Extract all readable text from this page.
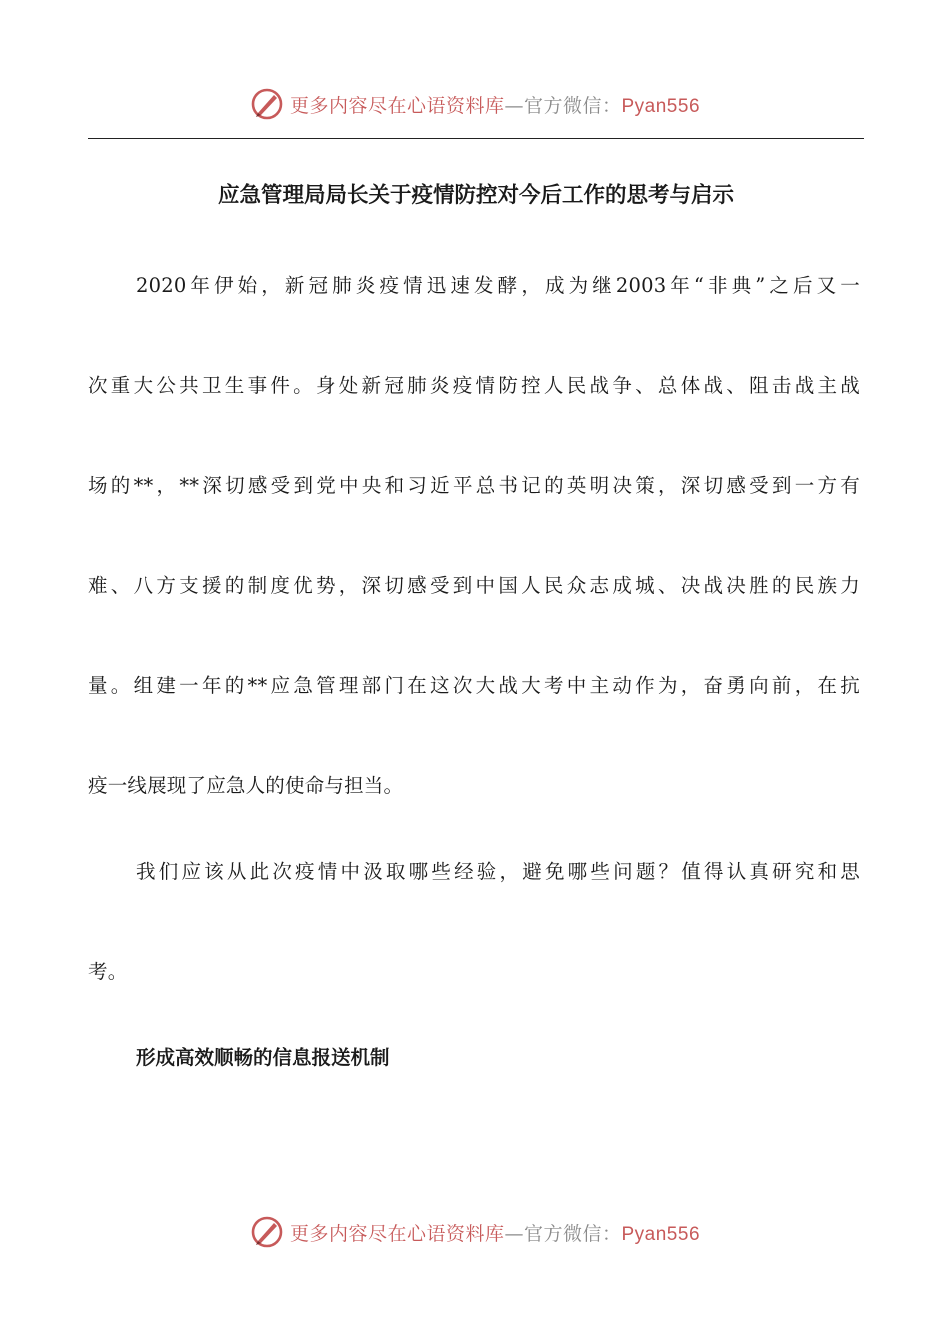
更多内容尽在心语资料库—官方微信：Pyan556
应急管理局局长关于疫情防控对今后工作的思考与启示
2020年伊始，新冠肺炎疫情迅速发酵，成为继2003年“非典”之后又一
次重大公共卫生事件。身处新冠肺炎疫情防控人民战争、总体战、阻击战主战
场的**，**深切感受到党中央和习近平总书记的英明决策，深切感受到一方有
难、八方支援的制度优势，深切感受到中国人民众志成城、决战决胜的民族力
量。组建一年的**应急管理部门在这次大战大考中主动作为，奋勇向前，在抗
疫一线展现了应急人的使命与担当。
我们应该从此次疫情中汲取哪些经验，避免哪些问题？值得认真研究和思
考。
形成高效顺畅的信息报送机制
更多内容尽在心语资料库—官方微信：Pyan556
